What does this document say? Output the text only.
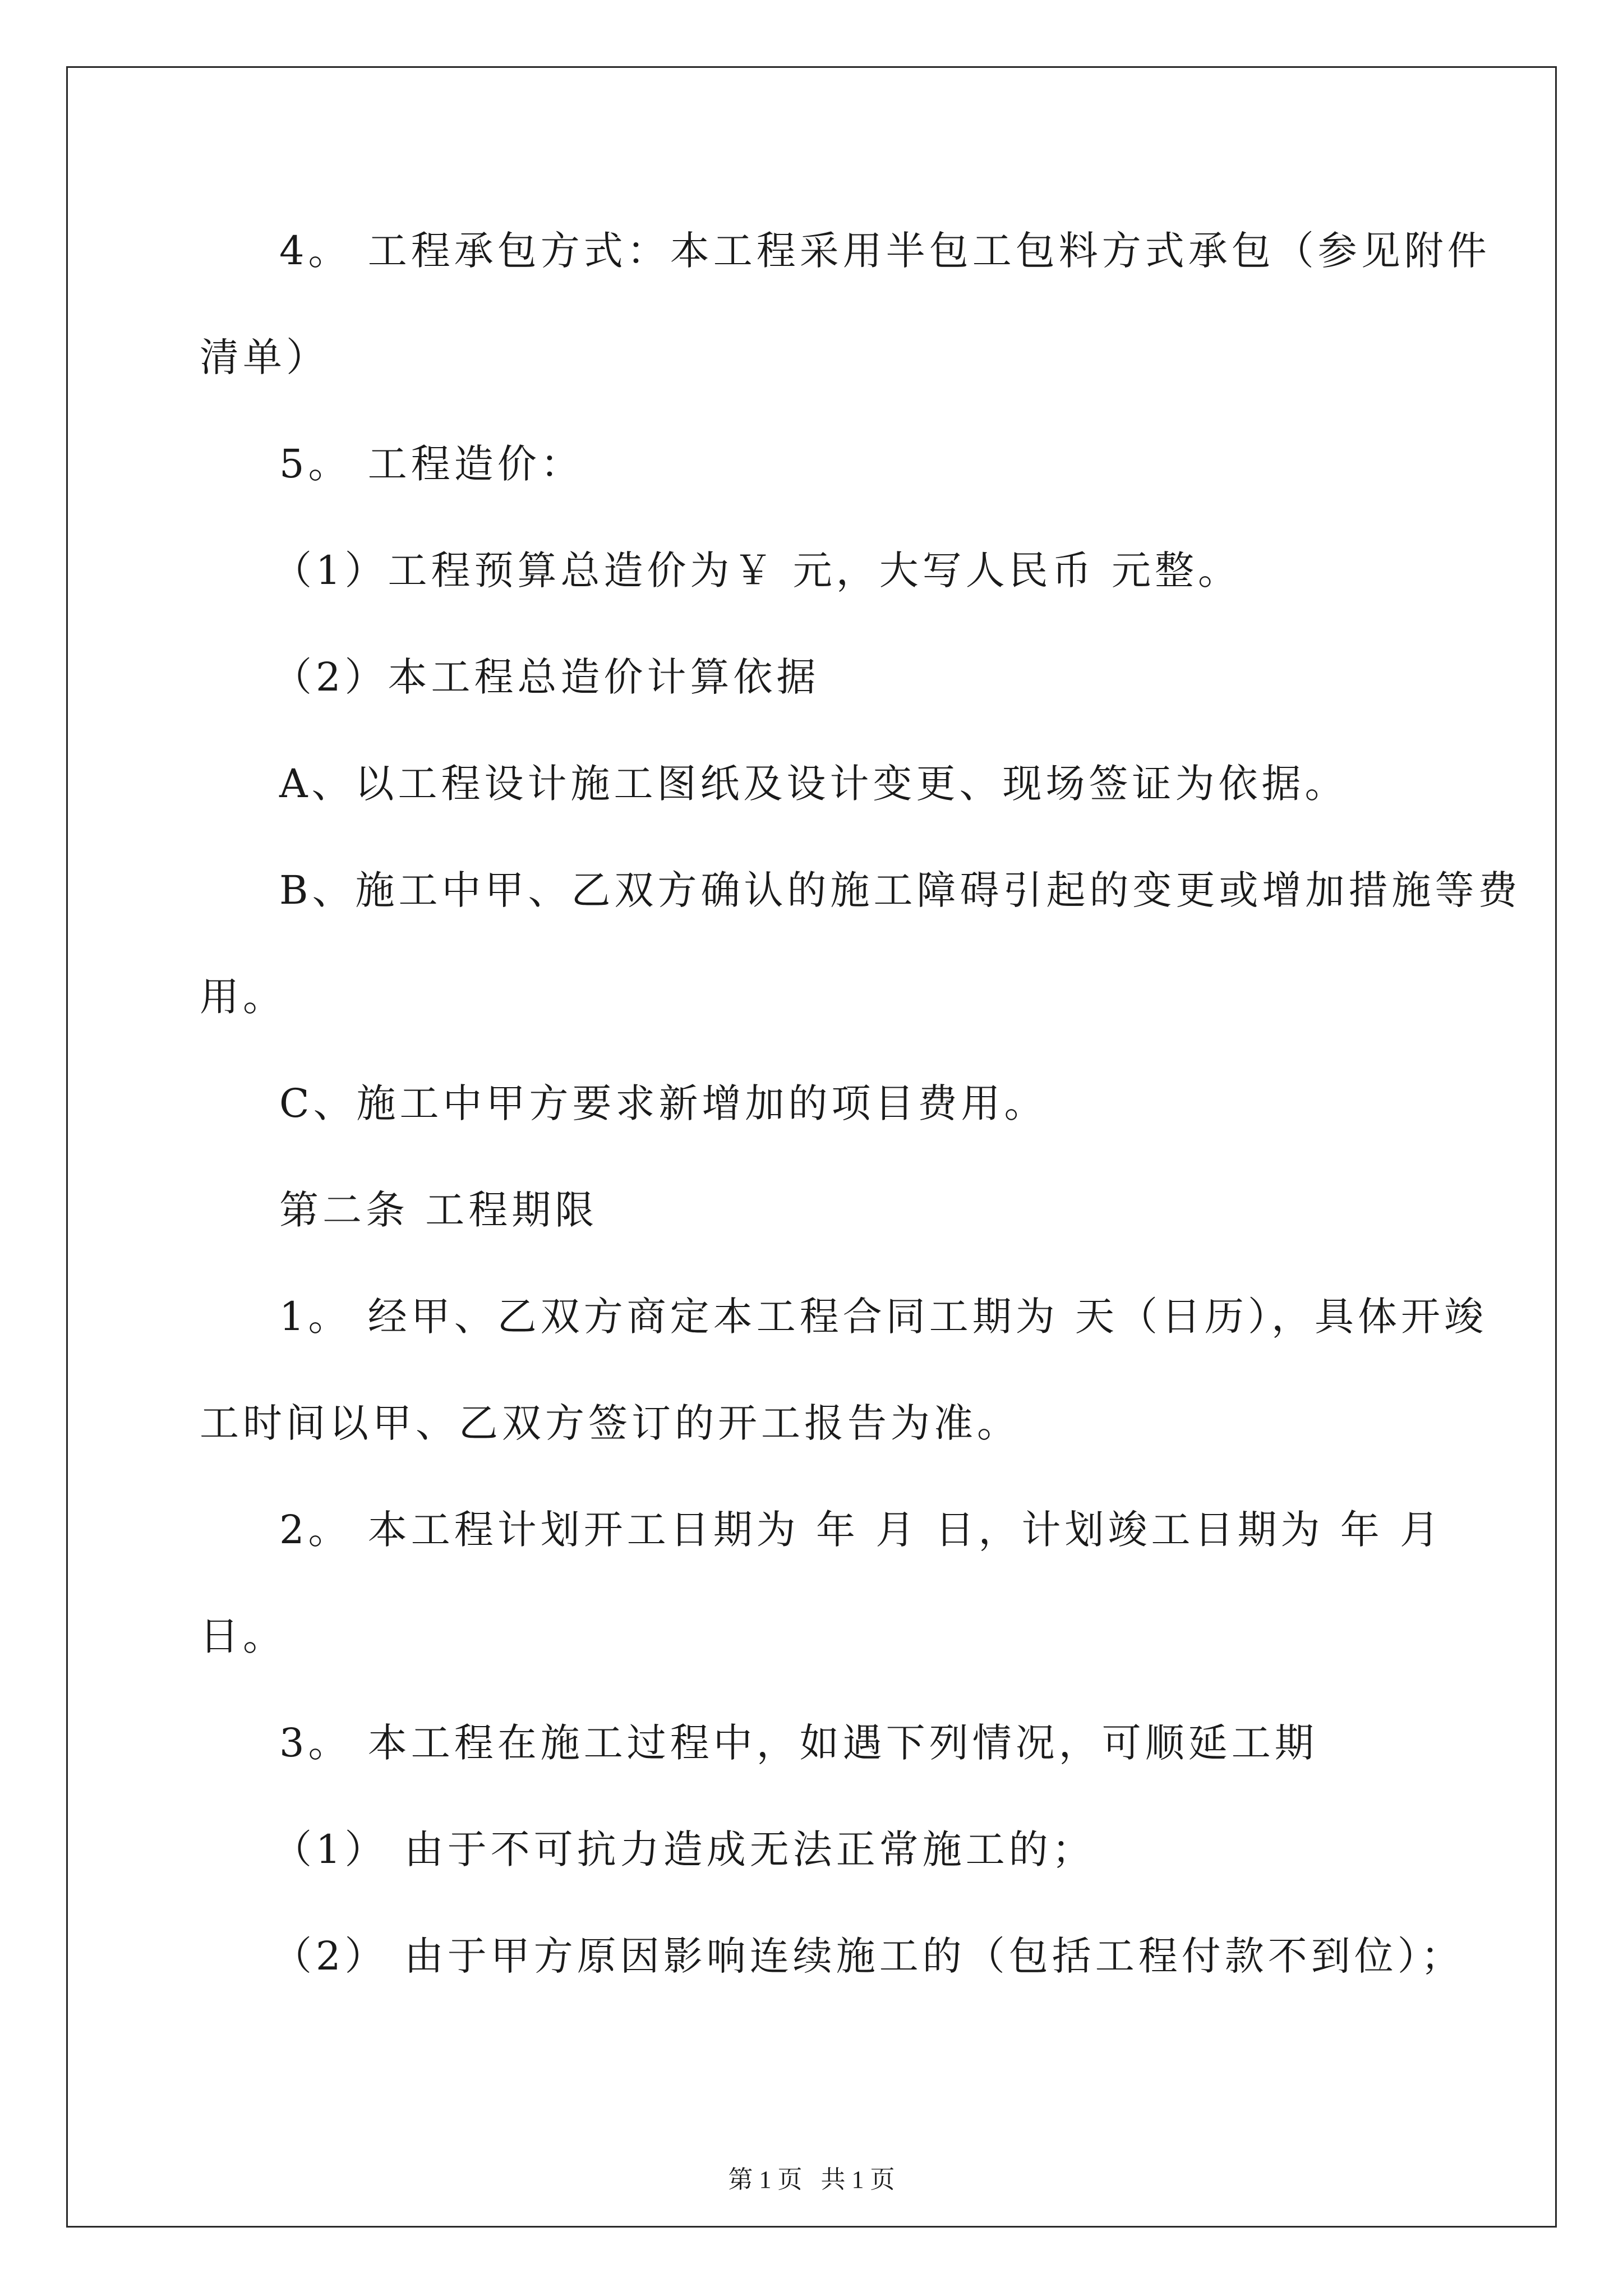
4。 工程承包方式：本工程采用半包工包料方式承包（参见附件
清单）
5。 工程造价：
（1）工程预算总造价为￥ 元，大写人民币 元整。
（2）本工程总造价计算依据
A、以工程设计施工图纸及设计变更、现场签证为依据。
B、施工中甲、乙双方确认的施工障碍引起的变更或增加措施等费
用。
C、施工中甲方要求新增加的项目费用。
第二条 工程期限
1。 经甲、乙双方商定本工程合同工期为 天（日历），具体开竣
工时间以甲、乙双方签订的开工报告为准。
2。 本工程计划开工日期为 年 月 日，计划竣工日期为 年 月
日。
3。 本工程在施工过程中，如遇下列情况，可顺延工期
（1） 由于不可抗力造成无法正常施工的；
（2） 由于甲方原因影响连续施工的（包括工程付款不到位）；
第 1 页   共 1 页
